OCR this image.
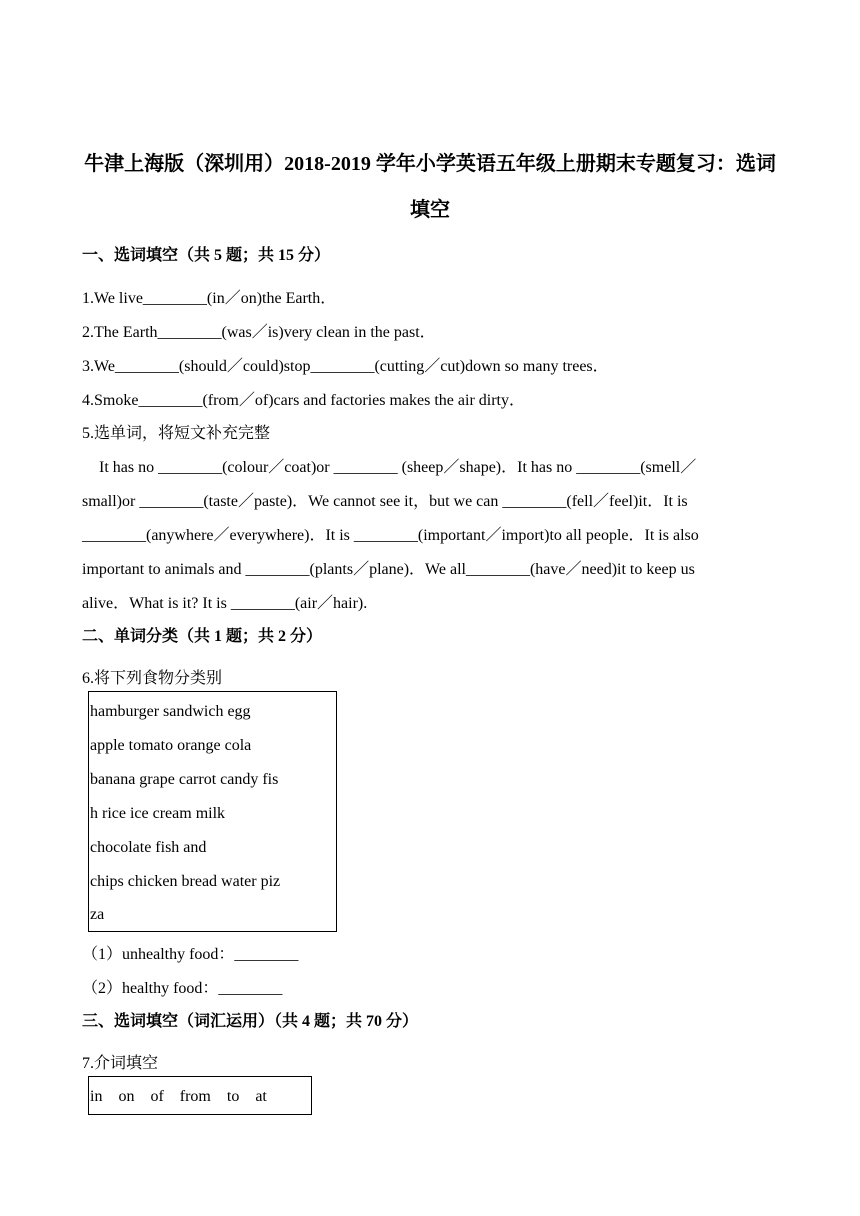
牛津上海版（深圳用）2018-2019 学年小学英语五年级上册期末专题复习：选词
填空
一、选词填空（共 5 题；共 15 分）
1.We live________(in／on)the Earth．
2.The Earth________(was／is)very clean in the past．
3.We________(should／could)stop________(cutting／cut)down so many trees．
4.Smoke________(from／of)cars and factories makes the air dirty．
5.选单词，将短文补充完整
It has no ________(colour／coat)or ________ (sheep／shape)．It has no ________(smell／
small)or ________(taste／paste)．We cannot see it，but we can ________(fell／feel)it．It is
________(anywhere／everywhere)．It is ________(important／import)to all people．It is also
important to animals and ________(plants／plane)．We all________(have／need)it to keep us
alive．What is it? It is ________(air／hair).
二、单词分类（共 1 题；共 2 分）
6.将下列食物分类别
hamburger sandwich egg
apple tomato orange cola
banana grape carrot candy fis
h rice ice cream milk
chocolate fish and
chips chicken bread water piz
za
（1）unhealthy food：________
（2）healthy food：________
三、选词填空（词汇运用）（共 4 题；共 70 分）
7.介词填空
in    on    of    from    to    at
